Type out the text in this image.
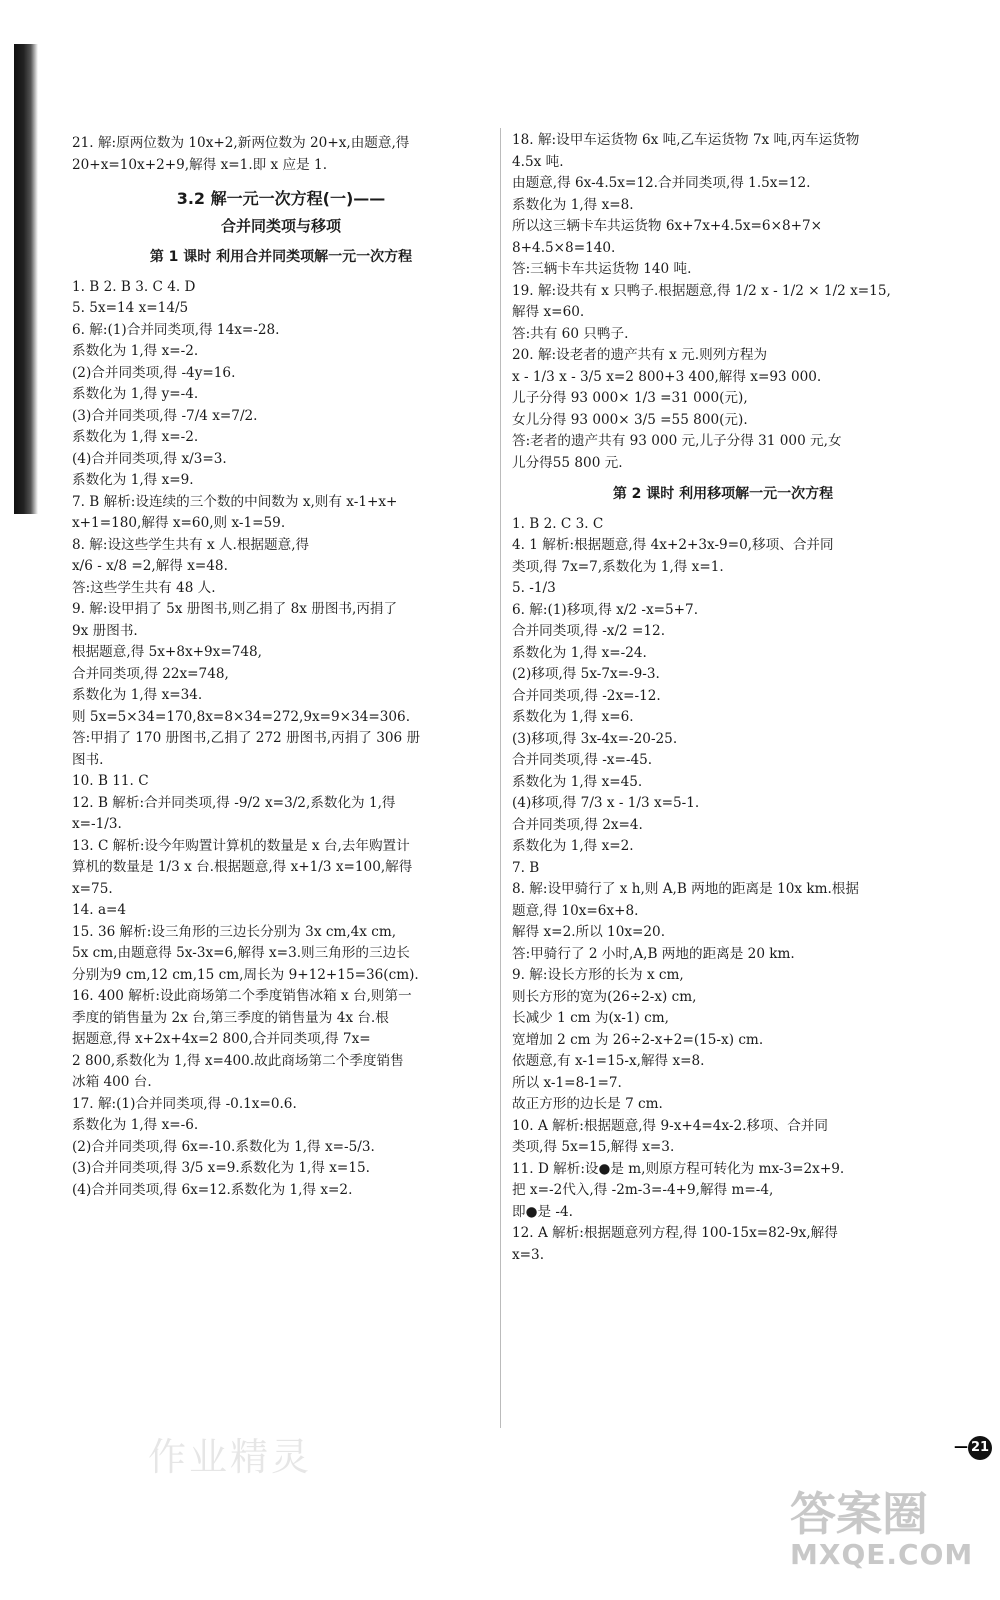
21. 解:原两位数为 10x+2,新两位数为 20+x,由题意,得
20+x=10x+2+9,解得 x=1.即 x 应是 1.
3.2 解一元一次方程(一)——
合并同类项与移项
第 1 课时 利用合并同类项解一元一次方程
1. B 2. B 3. C 4. D
5. 5x=14 x=14/5
6. 解:(1)合并同类项,得 14x=-28.
系数化为 1,得 x=-2.
(2)合并同类项,得 -4y=16.
系数化为 1,得 y=-4.
(3)合并同类项,得 -7/4 x=7/2.
系数化为 1,得 x=-2.
(4)合并同类项,得 x/3=3.
系数化为 1,得 x=9.
7. B 解析:设连续的三个数的中间数为 x,则有 x-1+x+
x+1=180,解得 x=60,则 x-1=59.
8. 解:设这些学生共有 x 人.根据题意,得
x/6 - x/8 =2,解得 x=48.
答:这些学生共有 48 人.
9. 解:设甲捐了 5x 册图书,则乙捐了 8x 册图书,丙捐了
9x 册图书.
根据题意,得 5x+8x+9x=748,
合并同类项,得 22x=748,
系数化为 1,得 x=34.
则 5x=5×34=170,8x=8×34=272,9x=9×34=306.
答:甲捐了 170 册图书,乙捐了 272 册图书,丙捐了 306 册
图书.
10. B 11. C
12. B 解析:合并同类项,得 -9/2 x=3/2,系数化为 1,得
x=-1/3.
13. C 解析:设今年购置计算机的数量是 x 台,去年购置计
算机的数量是 1/3 x 台.根据题意,得 x+1/3 x=100,解得
x=75.
14. a=4
15. 36 解析:设三角形的三边长分别为 3x cm,4x cm,
5x cm,由题意得 5x-3x=6,解得 x=3.则三角形的三边长
分别为9 cm,12 cm,15 cm,周长为 9+12+15=36(cm).
16. 400 解析:设此商场第二个季度销售冰箱 x 台,则第一
季度的销售量为 2x 台,第三季度的销售量为 4x 台.根
据题意,得 x+2x+4x=2 800,合并同类项,得 7x=
2 800,系数化为 1,得 x=400.故此商场第二个季度销售
冰箱 400 台.
17. 解:(1)合并同类项,得 -0.1x=0.6.
系数化为 1,得 x=-6.
(2)合并同类项,得 6x=-10.系数化为 1,得 x=-5/3.
(3)合并同类项,得 3/5 x=9.系数化为 1,得 x=15.
(4)合并同类项,得 6x=12.系数化为 1,得 x=2.
18. 解:设甲车运货物 6x 吨,乙车运货物 7x 吨,丙车运货物
4.5x 吨.
由题意,得 6x-4.5x=12.合并同类项,得 1.5x=12.
系数化为 1,得 x=8.
所以这三辆卡车共运货物 6x+7x+4.5x=6×8+7×
8+4.5×8=140.
答:三辆卡车共运货物 140 吨.
19. 解:设共有 x 只鸭子.根据题意,得 1/2 x - 1/2 × 1/2 x=15,
解得 x=60.
答:共有 60 只鸭子.
20. 解:设老者的遗产共有 x 元.则列方程为
x - 1/3 x - 3/5 x=2 800+3 400,解得 x=93 000.
儿子分得 93 000× 1/3 =31 000(元),
女儿分得 93 000× 3/5 =55 800(元).
答:老者的遗产共有 93 000 元,儿子分得 31 000 元,女
儿分得55 800 元.
第 2 课时 利用移项解一元一次方程
1. B 2. C 3. C
4. 1 解析:根据题意,得 4x+2+3x-9=0,移项、合并同
类项,得 7x=7,系数化为 1,得 x=1.
5. -1/3
6. 解:(1)移项,得 x/2 -x=5+7.
合并同类项,得 -x/2 =12.
系数化为 1,得 x=-24.
(2)移项,得 5x-7x=-9-3.
合并同类项,得 -2x=-12.
系数化为 1,得 x=6.
(3)移项,得 3x-4x=-20-25.
合并同类项,得 -x=-45.
系数化为 1,得 x=45.
(4)移项,得 7/3 x - 1/3 x=5-1.
合并同类项,得 2x=4.
系数化为 1,得 x=2.
7. B
8. 解:设甲骑行了 x h,则 A,B 两地的距离是 10x km.根据
题意,得 10x=6x+8.
解得 x=2.所以 10x=20.
答:甲骑行了 2 小时,A,B 两地的距离是 20 km.
9. 解:设长方形的长为 x cm,
则长方形的宽为(26÷2-x) cm,
长减少 1 cm 为(x-1) cm,
宽增加 2 cm 为 26÷2-x+2=(15-x) cm.
依题意,有 x-1=15-x,解得 x=8.
所以 x-1=8-1=7.
故正方形的边长是 7 cm.
10. A 解析:根据题意,得 9-x+4=4x-2.移项、合并同
类项,得 5x=15,解得 x=3.
11. D 解析:设●是 m,则原方程可转化为 mx-3=2x+9.
把 x=-2代入,得 -2m-3=-4+9,解得 m=-4,
即●是 -4.
12. A 解析:根据题意列方程,得 100-15x=82-9x,解得
x=3.
— 21
作业精灵
答案圈
MXQE.COM
